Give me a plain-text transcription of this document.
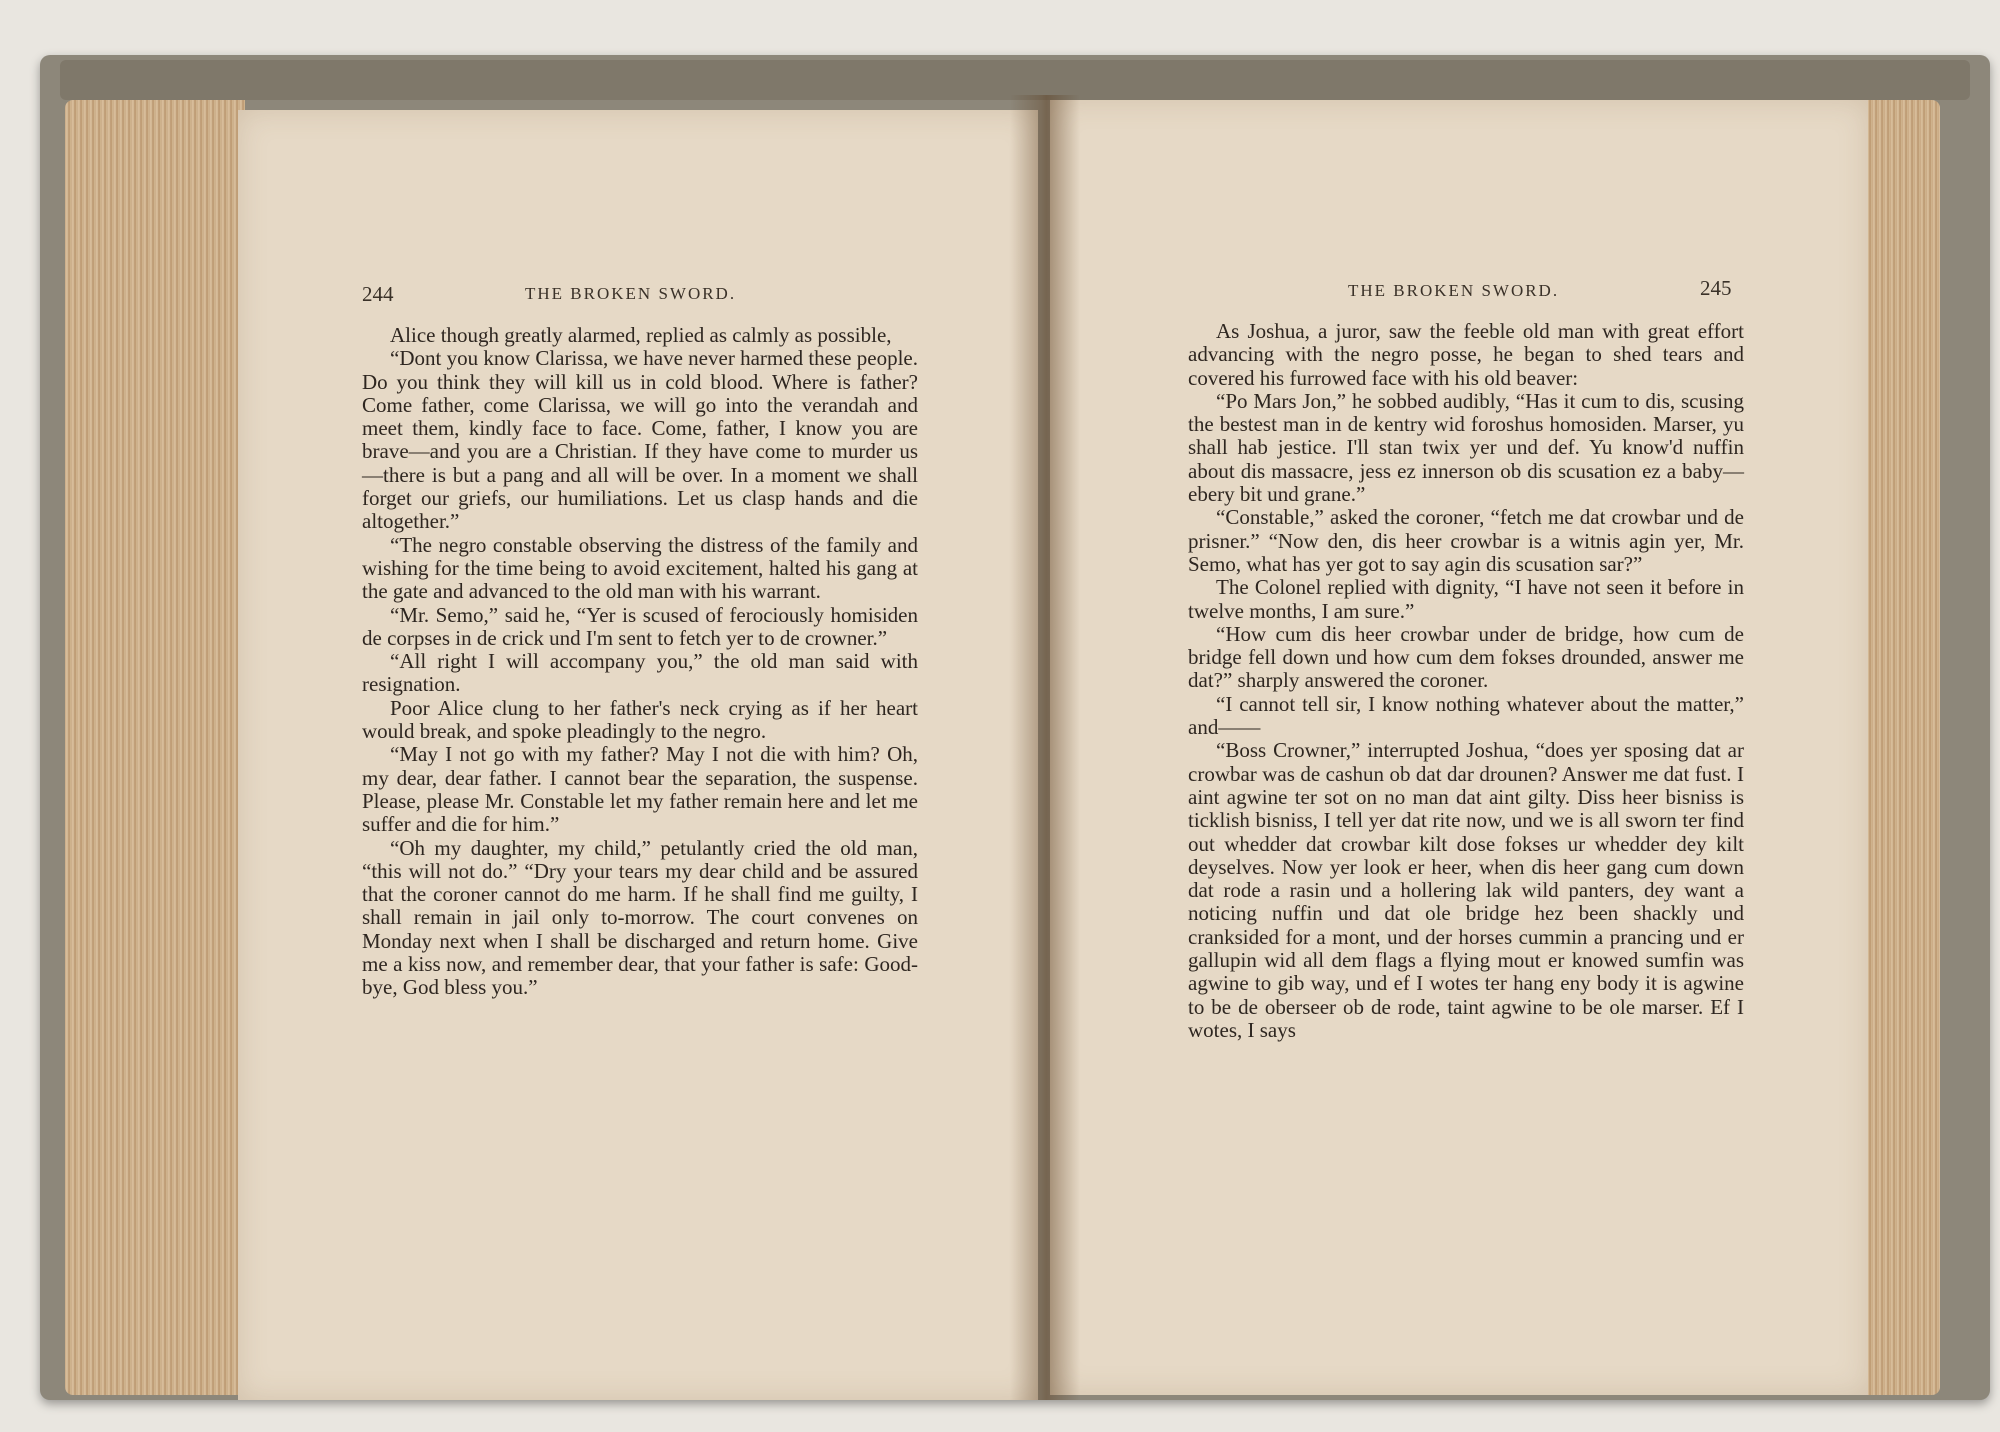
244	THE BROKEN SWORD.	THE BROKEN SWORD.	245

Alice though greatly alarmed, replied as calmly as possible,

“Dont you know Clarissa, we have never harmed these people. Do you think they will kill us in cold blood. Where is father? Come father, come Clarissa, we will go into the verandah and meet them, kindly face to face. Come, father, I know you are brave—and you are a Christian. If they have come to murder us—there is but a pang and all will be over. In a moment we shall forget our griefs, our humiliations. Let us clasp hands and die altogether.”

“The negro constable observing the distress of the family and wishing for the time being to avoid excitement, halted his gang at the gate and advanced to the old man with his warrant.

“Mr. Semo,” said he, “Yer is scused of ferociously homisiden de corpses in de crick und I'm sent to fetch yer to de crowner.”

“All right I will accompany you,” the old man said with resignation.

Poor Alice clung to her father's neck crying as if her heart would break, and spoke pleadingly to the negro.

“May I not go with my father? May I not die with him? Oh, my dear, dear father. I cannot bear the separation, the suspense. Please, please Mr. Constable let my father remain here and let me suffer and die for him.”

“Oh my daughter, my child,” petulantly cried the old man, “this will not do.” “Dry your tears my dear child and be assured that the coroner cannot do me harm. If he shall find me guilty, I shall remain in jail only to-morrow. The court convenes on Monday next when I shall be discharged and return home. Give me a kiss now, and remember dear, that your father is safe: Good-bye, God bless you.”

As Joshua, a juror, saw the feeble old man with great effort advancing with the negro posse, he began to shed tears and covered his furrowed face with his old beaver:

“Po Mars Jon,” he sobbed audibly, “Has it cum to dis, scusing the bestest man in de kentry wid foroshus homosiden. Marser, yu shall hab jestice. I'll stan twix yer und def. Yu know'd nuffin about dis massacre, jess ez innerson ob dis scusation ez a baby—ebery bit und grane.”

“Constable,” asked the coroner, “fetch me dat crowbar und de prisner.” “Now den, dis heer crowbar is a witnis agin yer, Mr. Semo, what has yer got to say agin dis scusation sar?”

The Colonel replied with dignity, “I have not seen it before in twelve months, I am sure.”

“How cum dis heer crowbar under de bridge, how cum de bridge fell down und how cum dem fokses drounded, answer me dat?” sharply answered the coroner.

“I cannot tell sir, I know nothing whatever about the matter,” and——

“Boss Crowner,” interrupted Joshua, “does yer sposing dat ar crowbar was de cashun ob dat dar drounen? Answer me dat fust. I aint agwine ter sot on no man dat aint gilty. Diss heer bisniss is ticklish bisniss, I tell yer dat rite now, und we is all sworn ter find out whedder dat crowbar kilt dose fokses ur whedder dey kilt deyselves. Now yer look er heer, when dis heer gang cum down dat rode a rasin und a hollering lak wild panters, dey want a noticing nuffin und dat ole bridge hez been shackly und cranksided for a mont, und der horses cummin a prancing und er gallupin wid all dem flags a flying mout er knowed sumfin was agwine to gib way, und ef I wotes ter hang eny body it is agwine to be de oberseer ob de rode, taint agwine to be ole marser. Ef I wotes, I says
